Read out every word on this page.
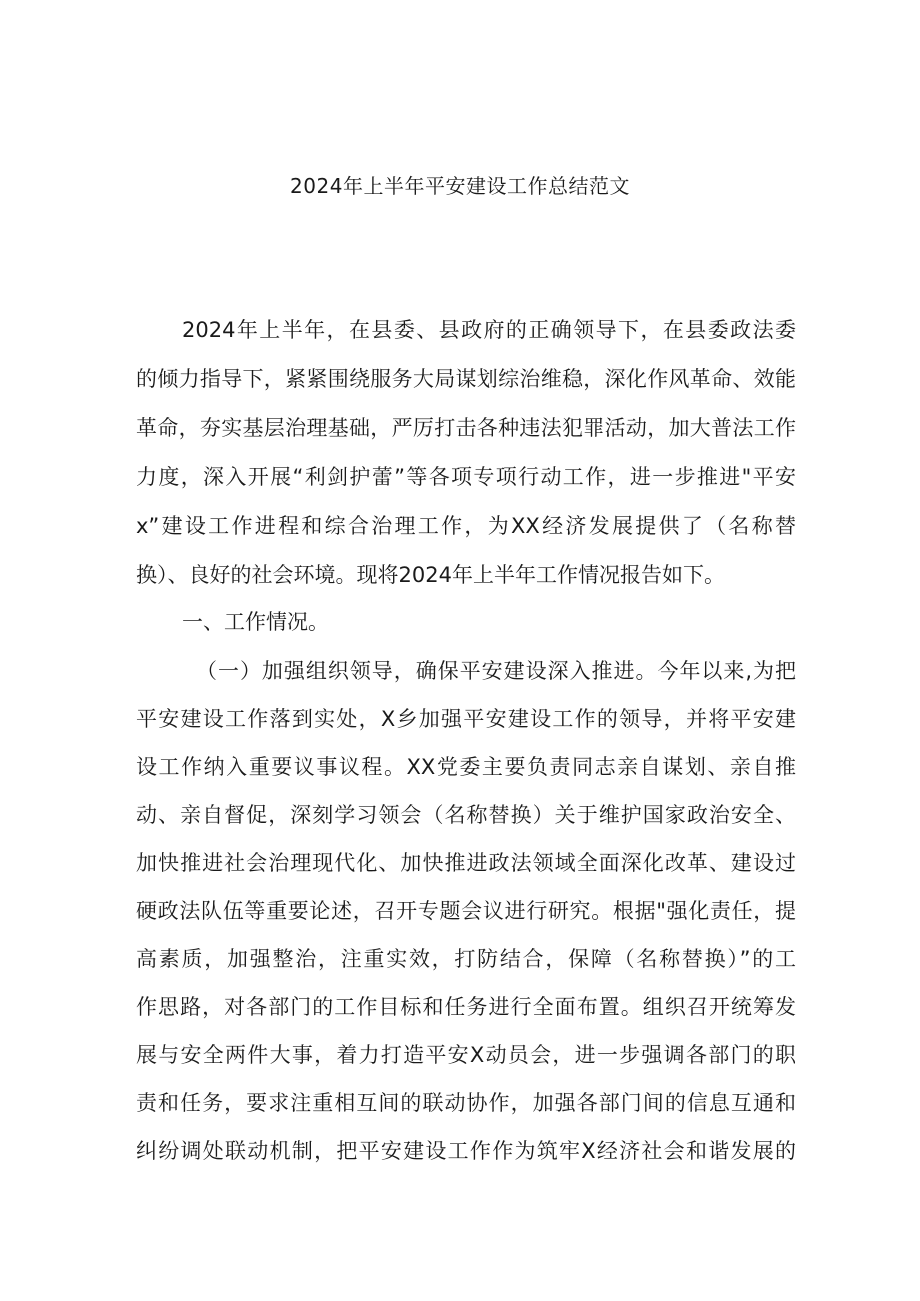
2024年上半年平安建设工作总结范文
2024年上半年，在县委、县政府的正确领导下，在县委政法委
的倾力指导下，紧紧围绕服务大局谋划综治维稳，深化作风革命、效能
革命，夯实基层治理基础，严厉打击各种违法犯罪活动，加大普法工作
力度，深入开展“利剑护蕾”等各项专项行动工作，进一步推进"平安
x”建设工作进程和综合治理工作，为XX经济发展提供了（名称替
换）、良好的社会环境。现将2024年上半年工作情况报告如下。
一、工作情况。
（一）加强组织领导，确保平安建设深入推进。今年以来,为把
平安建设工作落到实处，X乡加强平安建设工作的领导，并将平安建
设工作纳入重要议事议程。XX党委主要负责同志亲自谋划、亲自推
动、亲自督促，深刻学习领会（名称替换）关于维护国家政治安全、
加快推进社会治理现代化、加快推进政法领域全面深化改革、建设过
硬政法队伍等重要论述，召开专题会议进行研究。根据"强化责任，提
高素质，加强整治，注重实效，打防结合，保障（名称替换）”的工
作思路，对各部门的工作目标和任务进行全面布置。组织召开统筹发
展与安全两件大事，着力打造平安X动员会，进一步强调各部门的职
责和任务，要求注重相互间的联动协作，加强各部门间的信息互通和
纠纷调处联动机制，把平安建设工作作为筑牢X经济社会和谐发展的
